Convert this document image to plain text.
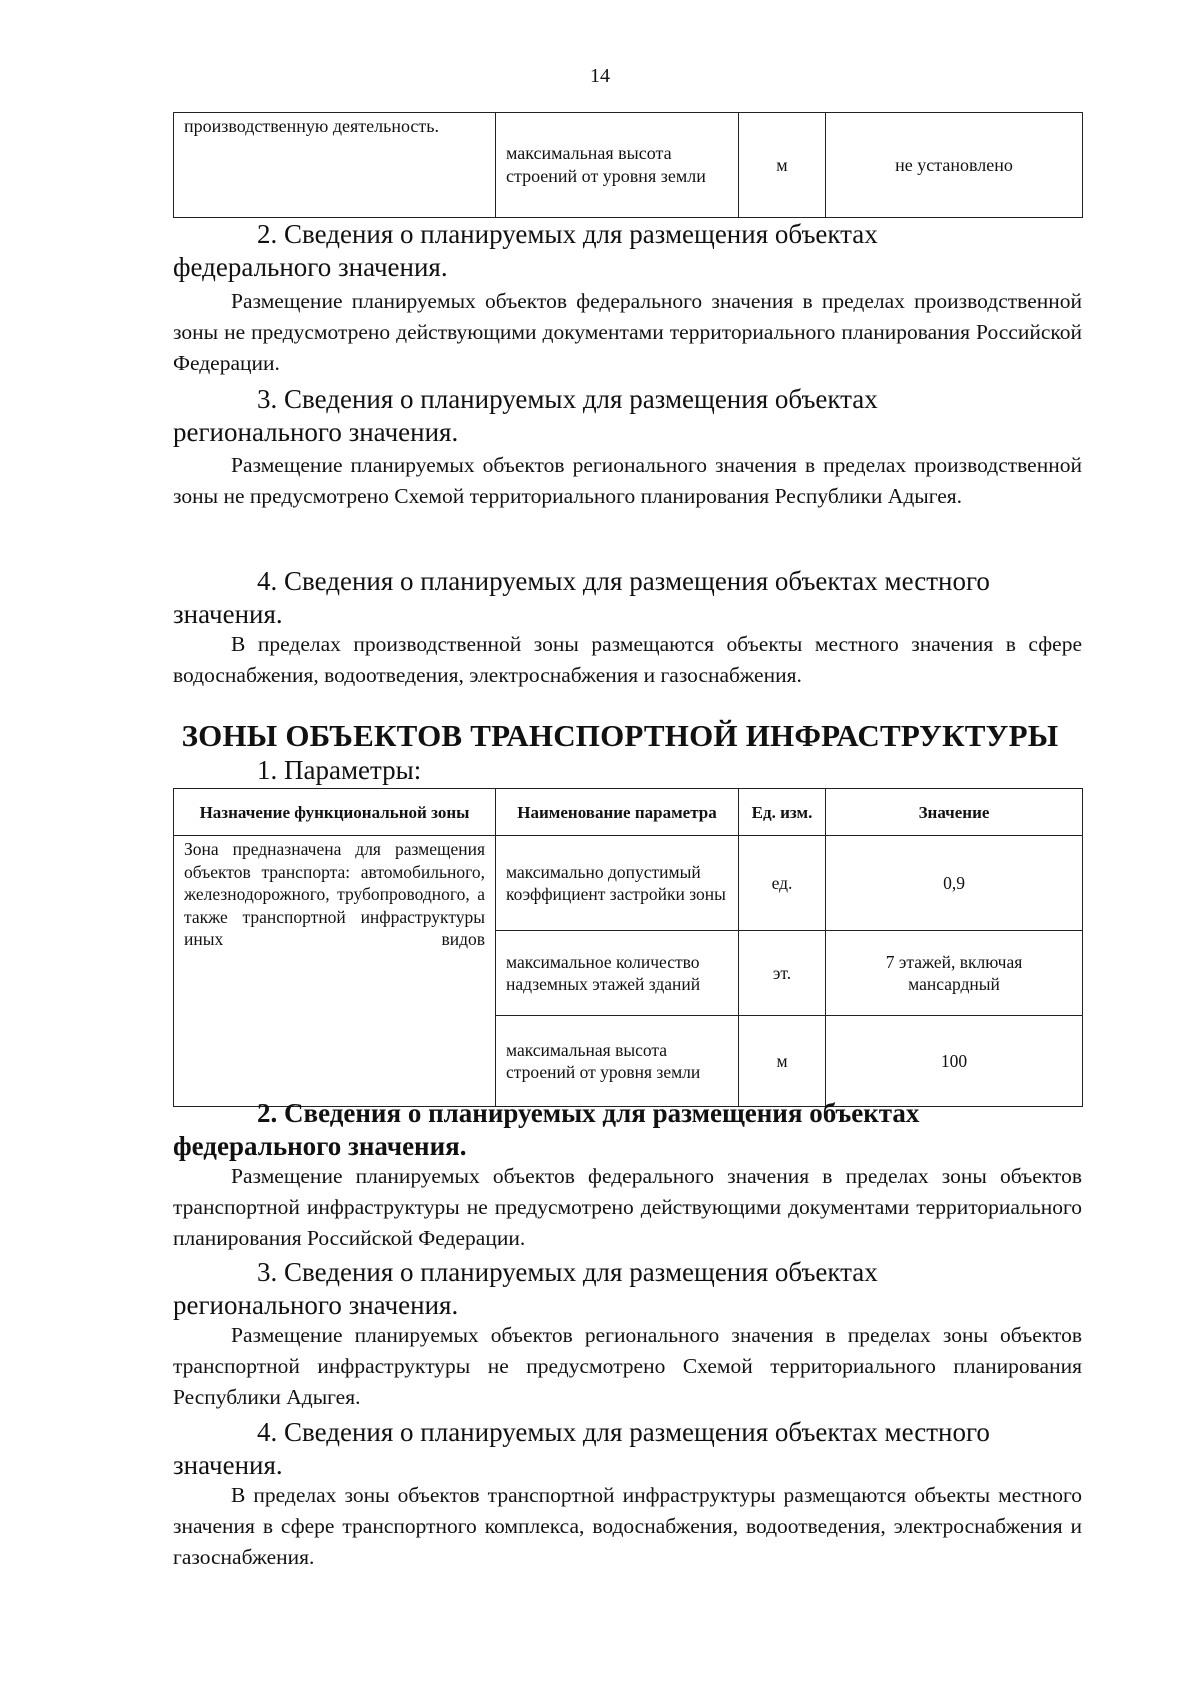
14
производственную деятельность.	максимальная высота строений от уровня земли	м	не установлено
2. Сведения о планируемых для размещения объектах
федерального значения.
Размещение планируемых объектов федерального значения в пределах производственной зоны не предусмотрено действующими документами территориального планирования Российской Федерации.
3. Сведения о планируемых для размещения объектах
регионального значения.
Размещение планируемых объектов регионального значения в пределах производственной зоны не предусмотрено Схемой территориального планирования Республики Адыгея.
4. Сведения о планируемых для размещения объектах местного
значения.
В пределах производственной зоны размещаются объекты местного значения в сфере водоснабжения, водоотведения, электроснабжения и газоснабжения.
ЗОНЫ ОБЪЕКТОВ ТРАНСПОРТНОЙ ИНФРАСТРУКТУРЫ
1. Параметры:
Назначение функциональной зоны	Наименование параметра	Ед. изм.	Значение
Зона предназначена для размещения объектов транспорта: автомобильного, железнодорожного, трубопроводного, а также транспортной инфраструктуры иных видов	максимально допустимый коэффициент застройки зоны	ед.	0,9
	максимальное количество надземных этажей зданий	эт.	7 этажей, включая мансардный
	максимальная высота строений от уровня земли	м	100
2. Сведения о планируемых для размещения объектах
федерального значения.
Размещение планируемых объектов федерального значения в пределах зоны объектов транспортной инфраструктуры не предусмотрено действующими документами территориального планирования Российской Федерации.
3. Сведения о планируемых для размещения объектах
регионального значения.
Размещение планируемых объектов регионального значения в пределах зоны объектов транспортной инфраструктуры не предусмотрено Схемой территориального планирования Республики Адыгея.
4. Сведения о планируемых для размещения объектах местного
значения.
В пределах зоны объектов транспортной инфраструктуры размещаются объекты местного значения в сфере транспортного комплекса, водоснабжения, водоотведения, электроснабжения и газоснабжения.
